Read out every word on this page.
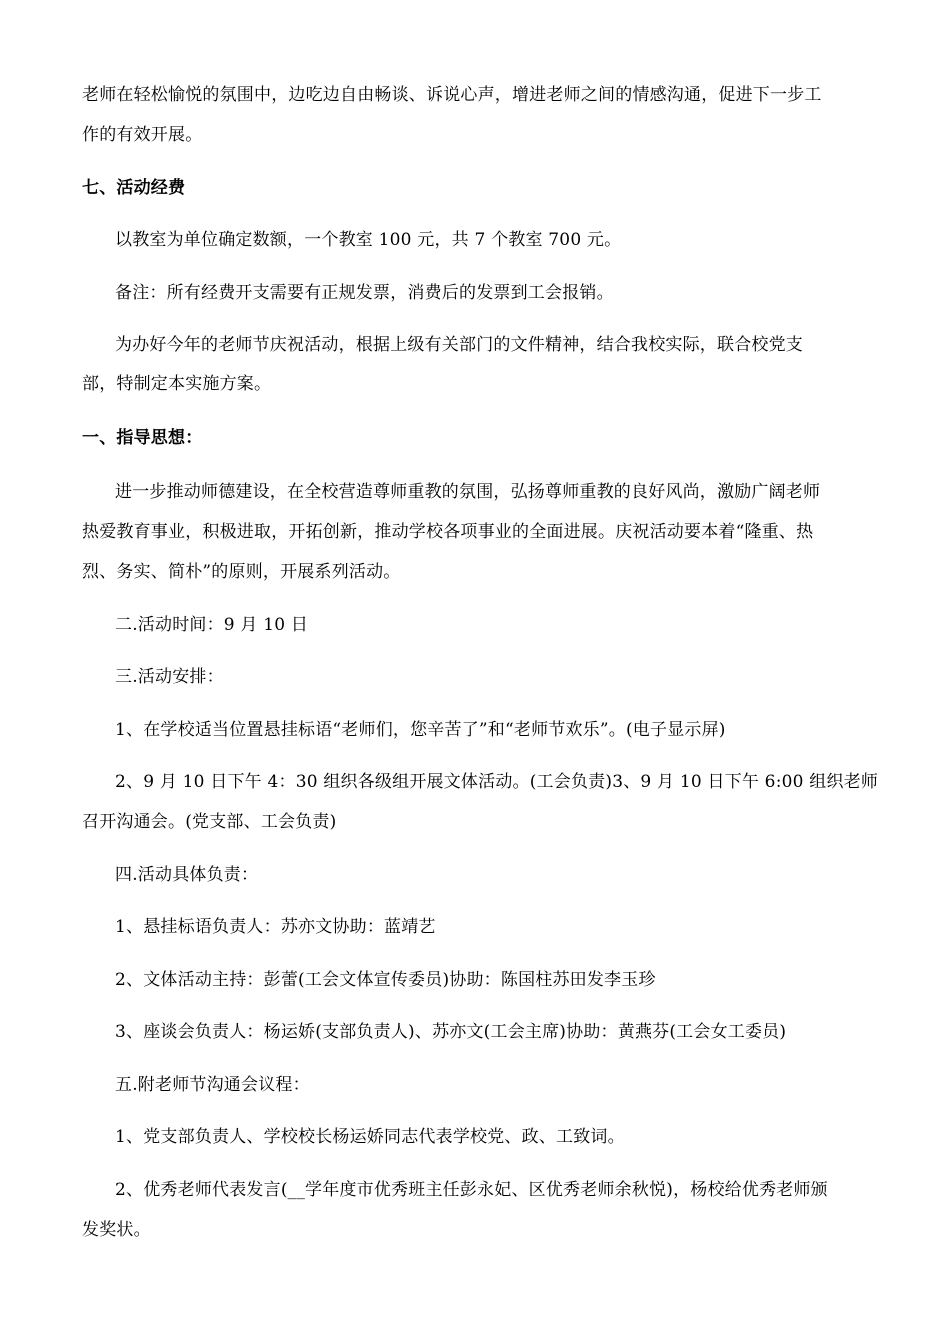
老师在轻松愉悦的氛围中，边吃边自由畅谈、诉说心声，增进老师之间的情感沟通，促进下一步工
作的有效开展。
七、活动经费
以教室为单位确定数额，一个教室 100 元，共 7 个教室 700 元。
备注：所有经费开支需要有正规发票，消费后的发票到工会报销。
为办好今年的老师节庆祝活动，根据上级有关部门的文件精神，结合我校实际，联合校党支
部，特制定本实施方案。
一、指导思想：
进一步推动师德建设，在全校营造尊师重教的氛围，弘扬尊师重教的良好风尚，激励广阔老师
热爱教育事业，积极进取，开拓创新，推动学校各项事业的全面进展。庆祝活动要本着“隆重、热
烈、务实、简朴”的原则，开展系列活动。
二.活动时间：9 月 10 日
三.活动安排：
1、在学校适当位置悬挂标语“老师们，您辛苦了”和“老师节欢乐”。(电子显示屏)
2、9 月 10 日下午 4：30 组织各级组开展文体活动。(工会负责)3、9 月 10 日下午 6:00 组织老师
召开沟通会。(党支部、工会负责)
四.活动具体负责：
1、悬挂标语负责人：苏亦文协助：蓝靖艺
2、文体活动主持：彭蕾(工会文体宣传委员)协助：陈国柱苏田发李玉珍
3、座谈会负责人：杨运娇(支部负责人)、苏亦文(工会主席)协助：黄燕芬(工会女工委员)
五.附老师节沟通会议程：
1、党支部负责人、学校校长杨运娇同志代表学校党、政、工致词。
2、优秀老师代表发言(__学年度市优秀班主任彭永妃、区优秀老师余秋悦)，杨校给优秀老师颁
发奖状。
